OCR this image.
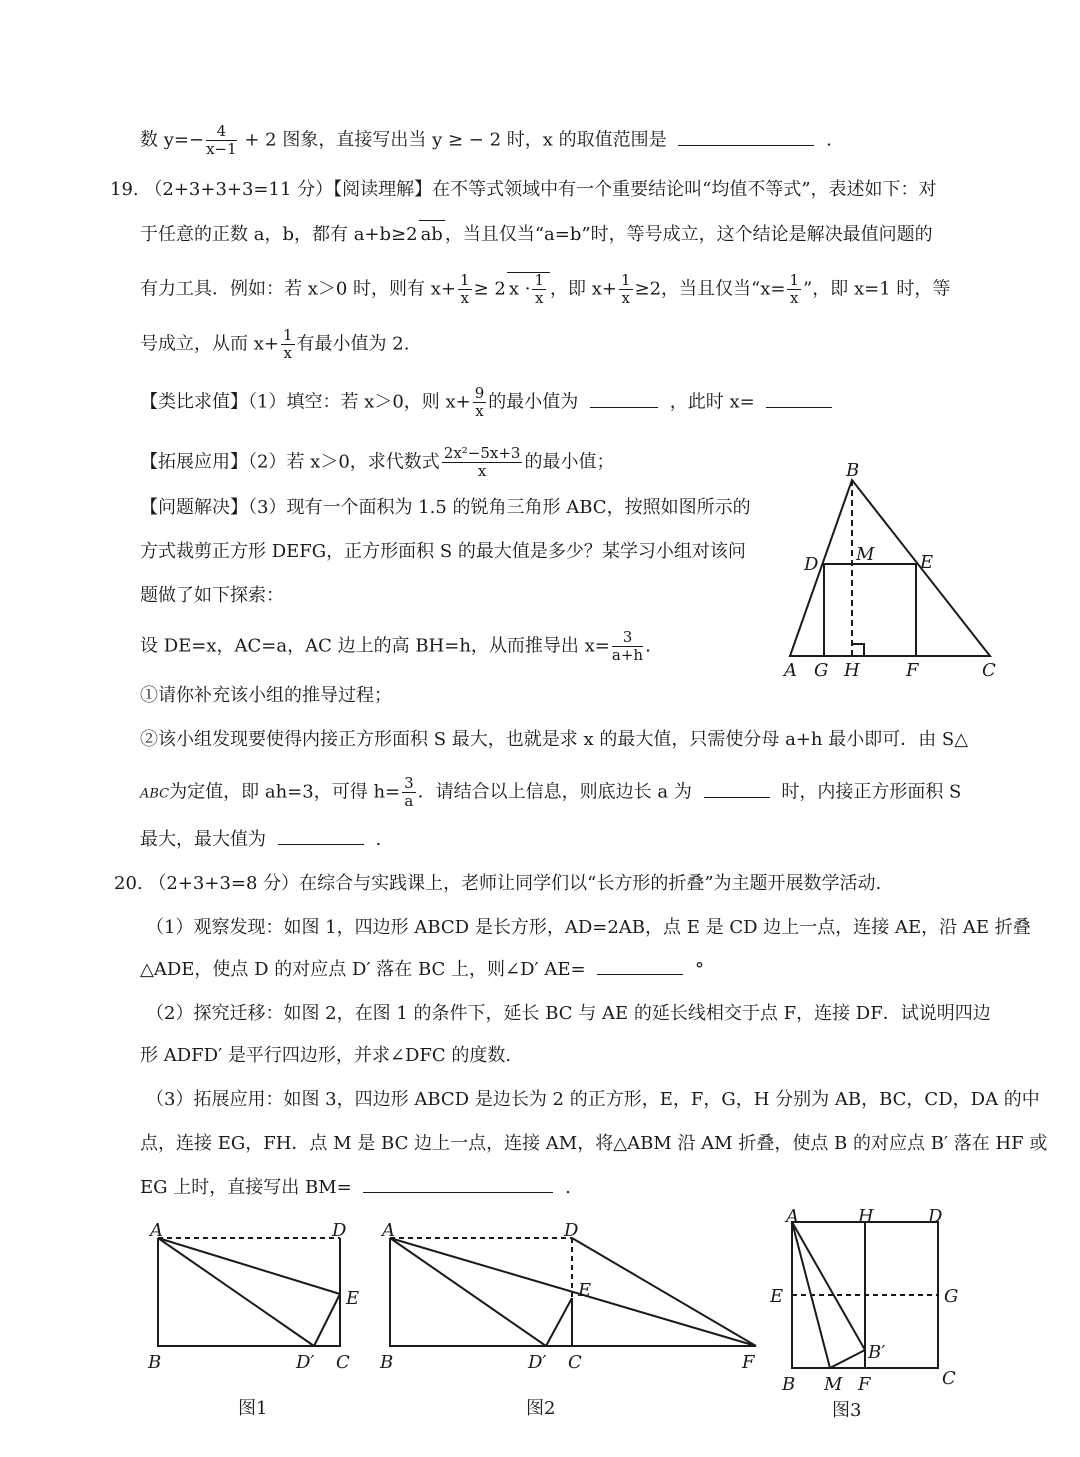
数 $y=- \frac{4}{x-1} + 2$ 图象，直接写出当 y ≥ − 2 时，x 的取值范围是	.
19. （2+3+3+3=11 分）【阅读理解】在不等式领域中有一个重要结论叫“均值不等式”，表述如下：对
于任意的正数 a，b，都有 a+b≥2 ab ，当且仅当“a=b”时，等号成立，这个结论是解决最值问题的
有力工具．例如：若 x＞0 时，则有 $x+ \frac{1}{x} \ge 2$ $x \cdot \frac{1}{x}$ ，即 $x+ \frac{1}{x} \ge 2$，当且仅当“$x= \frac{1}{x}$ ”，即 x=1 时，等
号成立，从而 $x+ \frac{1}{x}$ 有最小值为 2.
【类比求值】（1）填空：若 x＞0，则 $x+ \frac{9}{x}$ 的最小值为	，此时 x=
【拓展应用】（2）若 x＞0，求代数式 $\frac{\text{2x²−5x+3}}{x}$ 的最小值；
【问题解决】（3）现有一个面积为 1.5 的锐角三角形 ABC，按照如图所示的
方式裁剪正方形 DEFG，正方形面积 S 的最大值是多少？某学习小组对该问
题做了如下探索：
设 DE=x，AC=a，AC 边上的高 BH=h，从而推导出 $x= \frac{3}{a+h}$ .
①请你补充该小组的推导过程；
②该小组发现要使得内接正方形面积 S 最大，也就是求 x 的最大值，只需使分母 a+h 最小即可．由 S△
ABC为定值，即 ah=3，可得 $h= \frac{3}{a}$ ．请结合以上信息，则底边长 a 为	时，内接正方形面积 S
最大，最大值为	.
B
D M	E
A G H	F	C
20. （2+3+3=8 分）在综合与实践课上，老师让同学们以“长方形的折叠”为主题开展数学活动.
（1）观察发现：如图 1，四边形 ABCD 是长方形，AD=2AB，点 E 是 CD 边上一点，连接 AE，沿 AE 折叠
△ADE，使点 D 的对应点 D′ 落在 BC 上，则∠D′ AE=	°
（2）探究迁移：如图 2，在图 1 的条件下，延长 BC 与 AE 的延长线相交于点 F，连接 DF．试说明四边
形 ADFD′ 是平行四边形，并求∠DFC 的度数.
（3）拓展应用：如图 3，四边形 ABCD 是边长为 2 的正方形，E，F，G，H 分别为 AB，BC，CD，DA 的中
点，连接 EG，FH．点 M 是 BC 边上一点，连接 AM，将△ABM 沿 AM 折叠，使点 B 的对应点 B′ 落在 HF 或
EG 上时，直接写出 BM=	.
A	D
E
B	D′ C
图1
A	D
E
B	D′ C	F
图2
A	H	D
E	G
B′
B M F	C
图3
